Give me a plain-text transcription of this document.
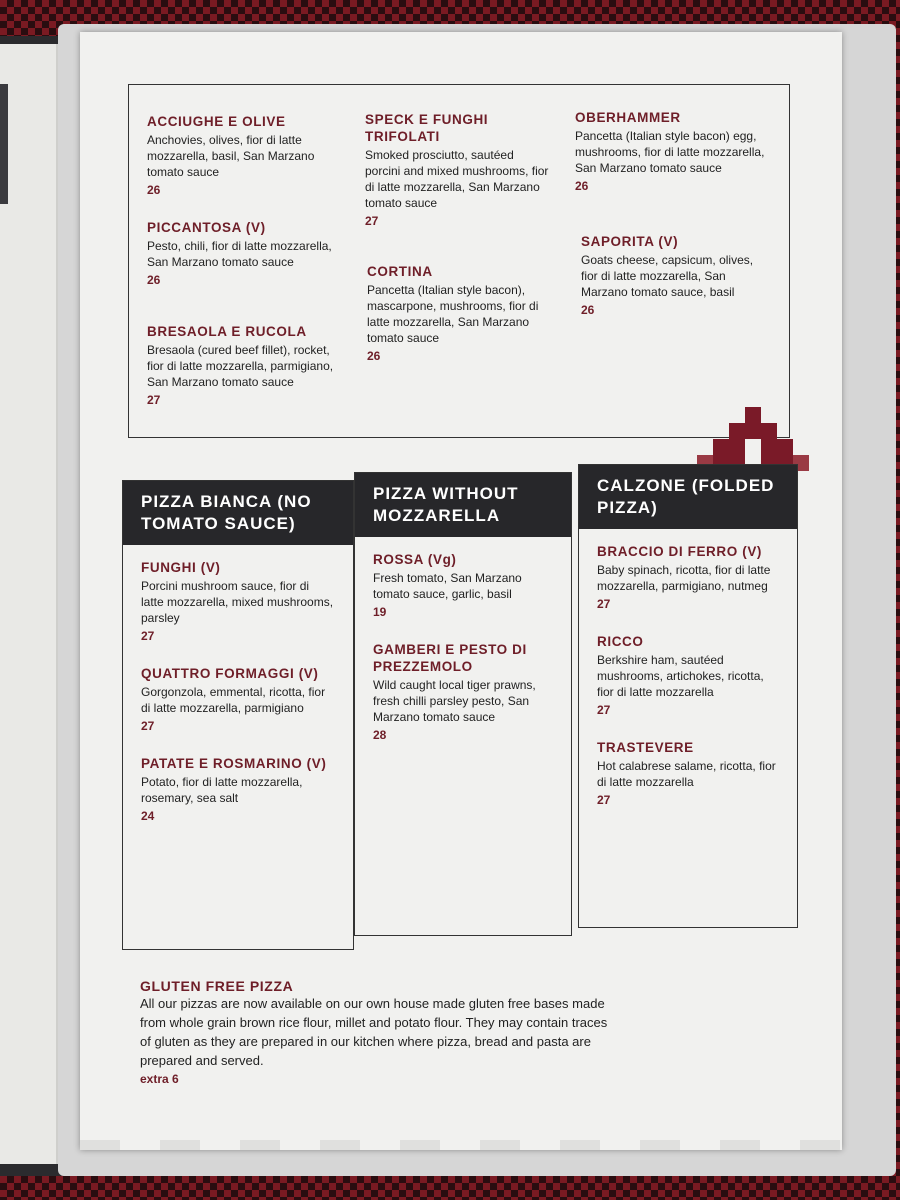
ACCIUGHE E OLIVE
Anchovies, olives, fior di latte mozzarella, basil, San Marzano tomato sauce
26
PICCANTOSA (V)
Pesto, chili, fior di latte mozzarella, San Marzano tomato sauce
26
BRESAOLA E RUCOLA
Bresaola (cured beef fillet), rocket, fior di latte mozzarella, parmigiano, San Marzano tomato sauce
27
SPECK E FUNGHI TRIFOLATI
Smoked prosciutto, sautéed porcini and mixed mushrooms, fior di latte mozzarella, San Marzano tomato sauce
27
CORTINA
Pancetta (Italian style bacon), mascarpone, mushrooms, fior di latte mozzarella, San Marzano tomato sauce
26
OBERHAMMER
Pancetta (Italian style bacon) egg, mushrooms, fior di latte mozzarella, San Marzano tomato sauce
26
SAPORITA (V)
Goats cheese, capsicum, olives, fior di latte mozzarella, San Marzano tomato sauce, basil
26
PIZZA BIANCA (NO TOMATO SAUCE)
FUNGHI (V)
Porcini mushroom sauce, fior di latte mozzarella, mixed mushrooms, parsley
27
QUATTRO FORMAGGI (V)
Gorgonzola, emmental, ricotta, fior di latte mozzarella, parmigiano
27
PATATE E ROSMARINO (V)
Potato, fior di latte mozzarella, rosemary, sea salt
24
PIZZA WITHOUT MOZZARELLA
ROSSA (Vg)
Fresh tomato, San Marzano tomato sauce, garlic, basil
19
GAMBERI E PESTO DI PREZZEMOLO
Wild caught local tiger prawns, fresh chilli parsley pesto, San Marzano tomato sauce
28
CALZONE (FOLDED PIZZA)
BRACCIO DI FERRO (V)
Baby spinach, ricotta, fior di latte mozzarella, parmigiano, nutmeg
27
RICCO
Berkshire ham, sautéed mushrooms, artichokes, ricotta, fior di latte mozzarella
27
TRASTEVERE
Hot calabrese salame, ricotta, fior di latte mozzarella
27
GLUTEN FREE PIZZA
All our pizzas are now available on our own house made gluten free bases made from whole grain brown rice flour, millet and potato flour. They may contain traces of gluten as they are prepared in our kitchen where pizza, bread and pasta are prepared and served.
extra 6
